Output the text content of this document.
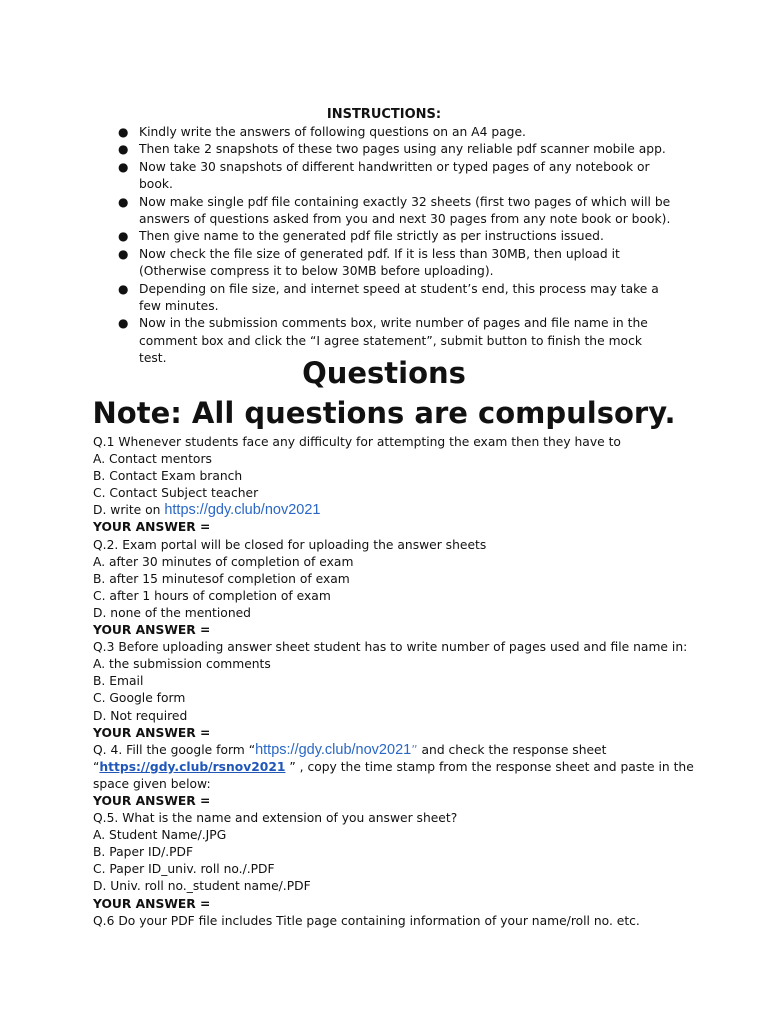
INSTRUCTIONS:
● Kindly write the answers of following questions on an A4 page.
● Then take 2 snapshots of these two pages using any reliable pdf scanner mobile app.
● Now take 30 snapshots of different handwritten or typed pages of any notebook or book.
● Now make single pdf file containing exactly 32 sheets (first two pages of which will be answers of questions asked from you and next 30 pages from any note book or book).
● Then give name to the generated pdf file strictly as per instructions issued.
● Now check the file size of generated pdf. If it is less than 30MB, then upload it (Otherwise compress it to below 30MB before uploading).
● Depending on file size, and internet speed at student’s end, this process may take a few minutes.
● Now in the submission comments box, write number of pages and file name in the comment box and click the “I agree statement”, submit button to finish the mock test.	Questions
Note: All questions are compulsory.
Q.1 Whenever students face any difficulty for attempting the exam then they have to
A. Contact mentors
B. Contact Exam branch
C. Contact Subject teacher
D. write on https://gdy.club/nov2021
YOUR ANSWER =
Q.2. Exam portal will be closed for uploading the answer sheets
A. after 30 minutes of completion of exam
B. after 15 minutesof completion of exam
C. after 1 hours of completion of exam
D. none of the mentioned
YOUR ANSWER =
Q.3 Before uploading answer sheet student has to write number of pages used and file name in:
A. the submission comments
B. Email
C. Google form
D. Not required
YOUR ANSWER =
Q. 4. Fill the google form “https://gdy.club/nov2021” and check the response sheet
“https://gdy.club/rsnov2021 ” , copy the time stamp from the response sheet and paste in the
space given below:
YOUR ANSWER =
Q.5. What is the name and extension of you answer sheet?
A. Student Name/.JPG
B. Paper ID/.PDF
C. Paper ID_univ. roll no./.PDF
D. Univ. roll no._student name/.PDF
YOUR ANSWER =
Q.6 Do your PDF file includes Title page containing information of your name/roll no. etc.
